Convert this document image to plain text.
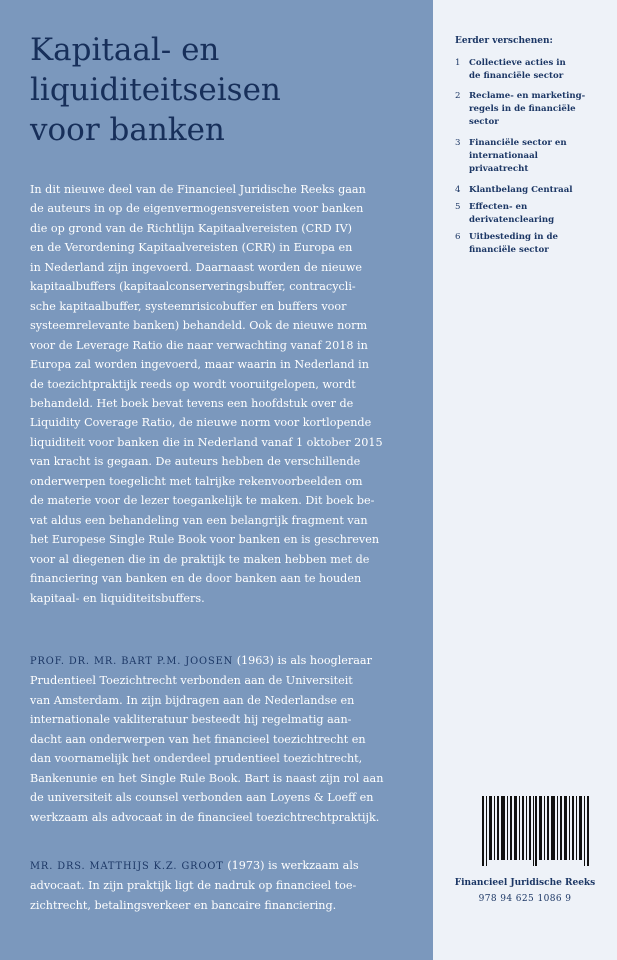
Kapitaal- en
liquiditeitseisen
voor banken
In dit nieuwe deel van de Financieel Juridische Reeks gaan
de auteurs in op de eigenvermogensvereisten voor banken
die op grond van de Richtlijn Kapitaalvereisten (CRD IV)
en de Verordening Kapitaalvereisten (CRR) in Europa en
in Nederland zijn ingevoerd. Daarnaast worden de nieuwe
kapitaalbuffers (kapitaalconserveringsbuffer, contracycli-
sche kapitaalbuffer, systeemrisicobuffer en buffers voor
systeemrelevante banken) behandeld. Ook de nieuwe norm
voor de Leverage Ratio die naar verwachting vanaf 2018 in
Europa zal worden ingevoerd, maar waarin in Nederland in
de toezichtpraktijk reeds op wordt vooruitgelopen, wordt
behandeld. Het boek bevat tevens een hoofdstuk over de
Liquidity Coverage Ratio, de nieuwe norm voor kortlopende
liquiditeit voor banken die in Nederland vanaf 1 oktober 2015
van kracht is gegaan. De auteurs hebben de verschillende
onderwerpen toegelicht met talrijke rekenvoorbeelden om
de materie voor de lezer toegankelijk te maken. Dit boek be-
vat aldus een behandeling van een belangrijk fragment van
het Europese Single Rule Book voor banken en is geschreven
voor al diegenen die in de praktijk te maken hebben met de
financiering van banken en de door banken aan te houden
kapitaal- en liquiditeitsbuffers.
PROF. DR. MR. BART P.M. JOOSEN (1963) is als hoogleraar
Prudentieel Toezichtrecht verbonden aan de Universiteit
van Amsterdam. In zijn bijdragen aan de Nederlandse en
internationale vakliteratuur besteedt hij regelmatig aan-
dacht aan onderwerpen van het financieel toezichtrecht en
dan voornamelijk het onderdeel prudentieel toezichtrecht,
Bankenunie en het Single Rule Book. Bart is naast zijn rol aan
de universiteit als counsel verbonden aan Loyens & Loeff en
werkzaam als advocaat in de financieel toezichtrechtpraktijk.
MR. DRS. MATTHIJS K.Z. GROOT (1973) is werkzaam als
advocaat. In zijn praktijk ligt de nadruk op financieel toe-
zichtrecht, betalingsverkeer en bancaire financiering.
Eerder verschenen:
1 Collectieve acties in
de financiële sector
2 Reclame- en marketing-
regels in de financiële
sector
3 Financiële sector en
internationaal
privaatrecht
4 Klantbelang Centraal
5 Effecten- en
derivatenclearing
6 Uitbesteding in de
financiële sector
Financieel Juridische Reeks
978 94 625 1086 9
